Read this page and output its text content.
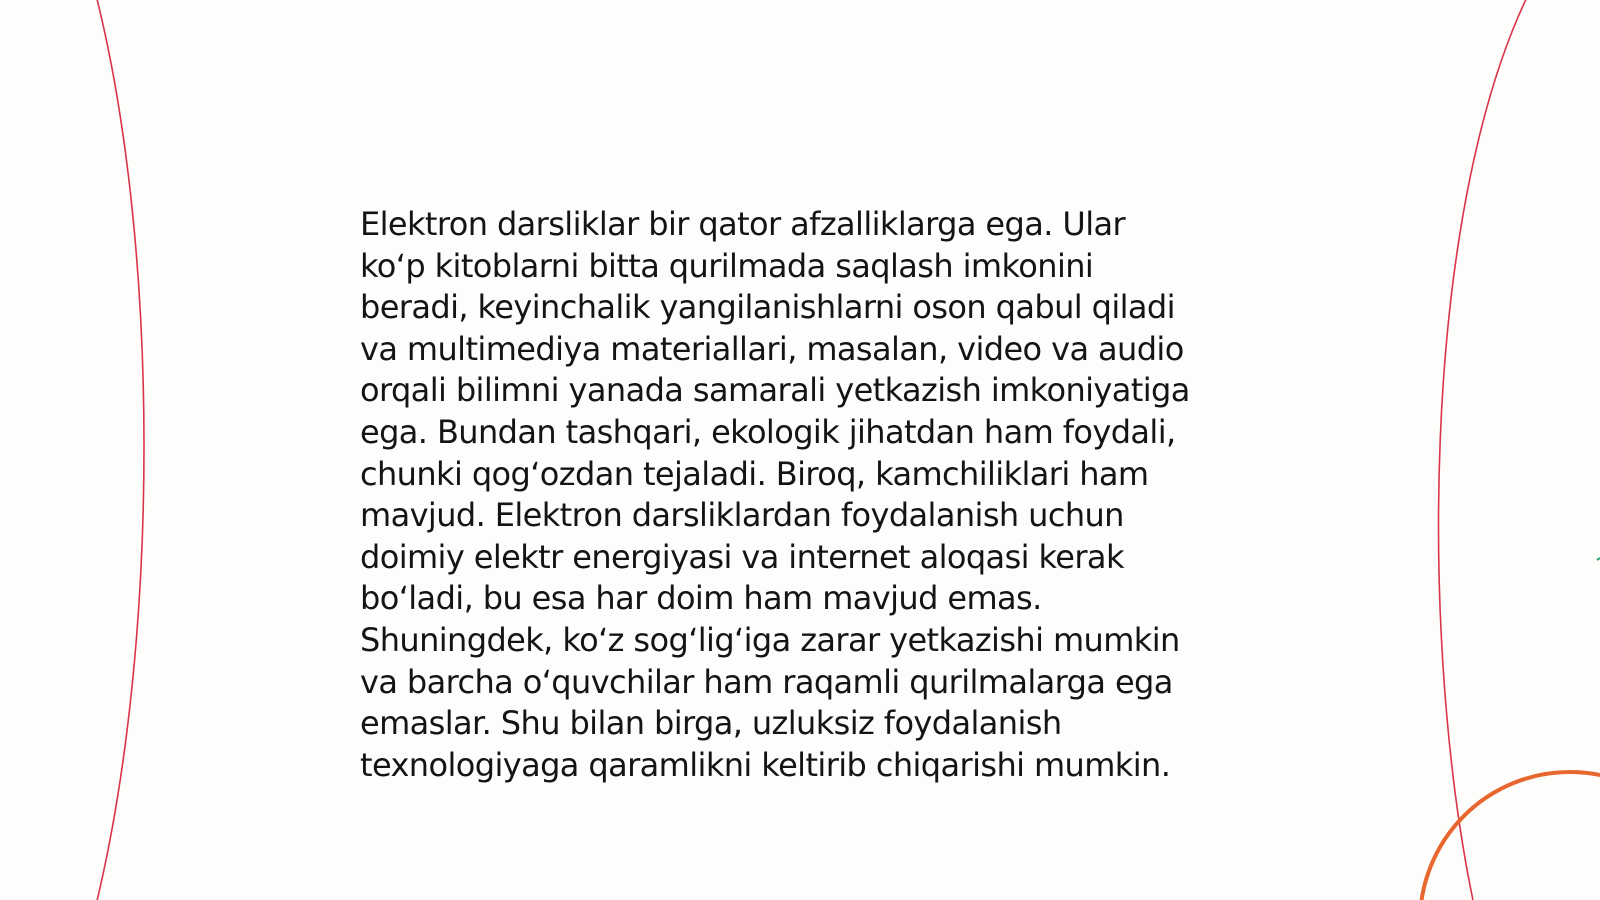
Elektron darsliklar bir qator afzalliklarga ega. Ular
ko‘p kitoblarni bitta qurilmada saqlash imkonini
beradi, keyinchalik yangilanishlarni oson qabul qiladi
va multimediya materiallari, masalan, video va audio
orqali bilimni yanada samarali yetkazish imkoniyatiga
ega. Bundan tashqari, ekologik jihatdan ham foydali,
chunki qog‘ozdan tejaladi. Biroq, kamchiliklari ham
mavjud. Elektron darsliklardan foydalanish uchun
doimiy elektr energiyasi va internet aloqasi kerak
bo‘ladi, bu esa har doim ham mavjud emas.
Shuningdek, ko‘z sog‘lig‘iga zarar yetkazishi mumkin
va barcha o‘quvchilar ham raqamli qurilmalarga ega
emaslar. Shu bilan birga, uzluksiz foydalanish
texnologiyaga qaramlikni keltirib chiqarishi mumkin.
